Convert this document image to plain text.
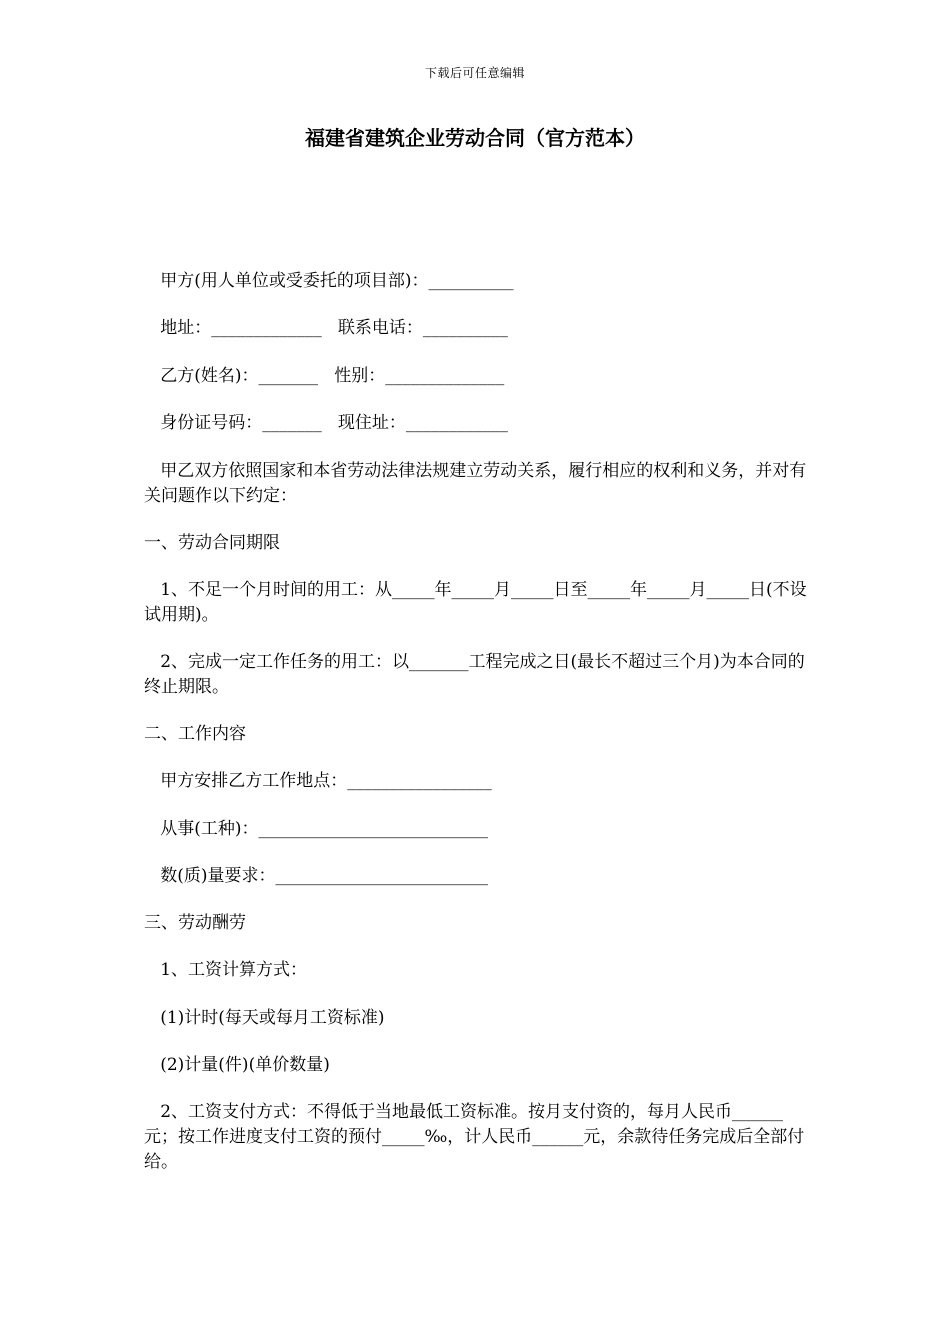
下载后可任意编辑
福建省建筑企业劳动合同（官方范本）

甲方(用人单位或受委托的项目部)：__________

地址：_____________   联系电话：__________

乙方(姓名)：_______   性别：______________

身份证号码：_______   现住址：____________

甲乙双方依照国家和本省劳动法律法规建立劳动关系，履行相应的权利和义务，并对有关问题作以下约定：

一、劳动合同期限

1、不足一个月时间的用工：从_____年_____月_____日至_____年_____月_____日(不设试用期)。

2、完成一定工作任务的用工：以_______工程完成之日(最长不超过三个月)为本合同的终止期限。

二、工作内容

甲方安排乙方工作地点：_________________

从事(工种)：___________________________

数(质)量要求：_________________________

三、劳动酬劳

1、工资计算方式：

(1)计时(每天或每月工资标准)

(2)计量(件)(单价数量)

2、工资支付方式：不得低于当地最低工资标准。按月支付资的，每月人民币______元；按工作进度支付工资的预付_____‰，计人民币______元，余款待任务完成后全部付给。
